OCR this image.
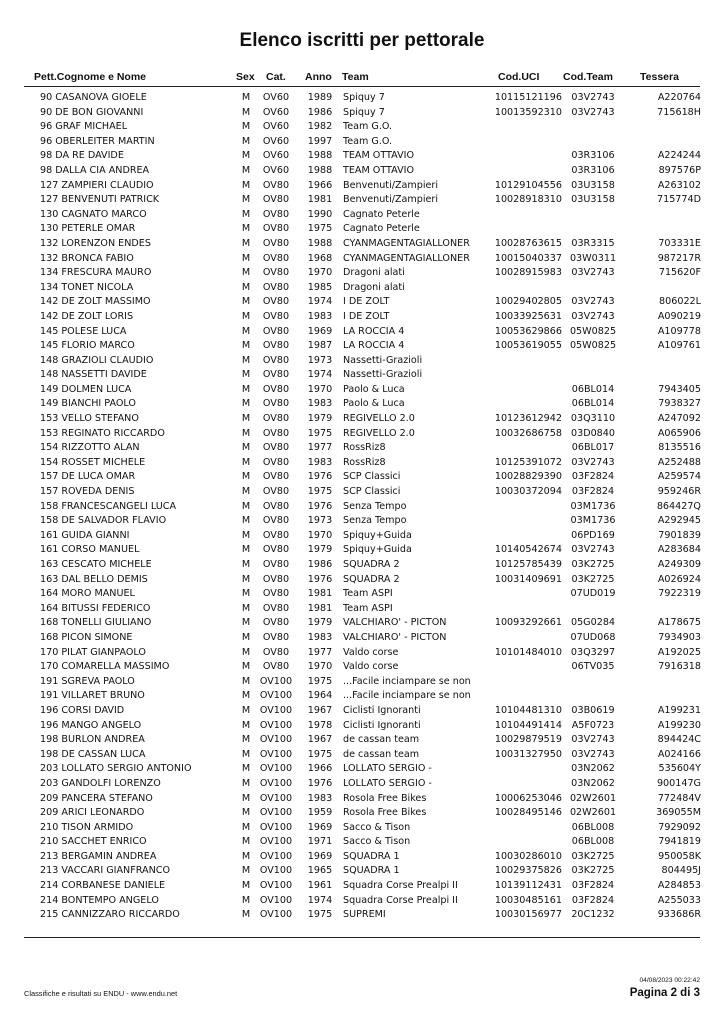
Elenco iscritti per pettorale
Pett.Cognome e Nome	Sex Cat. Anno Team	Cod.UCI Cod.Team	Tessera
90 CASANOVA GIOELE	M	OV60	1989	Spiquy 7	10115121196 03V2743	A220764
90 DE BON GIOVANNI	M	OV60	1986	Spiquy 7	10013592310 03V2743	715618H
96 GRAF MICHAEL	M	OV60	1982	Team G.O.
96 OBERLEITER MARTIN	M	OV60	1997	Team G.O.
98 DA RE DAVIDE	M	OV60	1988	TEAM OTTAVIO	03R3106	A224244
98 DALLA CIA ANDREA	M	OV60	1988	TEAM OTTAVIO	03R3106	897576P
127 ZAMPIERI CLAUDIO	M	OV80	1966	Benvenuti/Zampieri	10129104556 03U3158	A263102
127 BENVENUTI PATRICK	M	OV80	1981	Benvenuti/Zampieri	10028918310 03U3158	715774D
130 CAGNATO MARCO	M	OV80	1990	Cagnato Peterle
130 PETERLE OMAR	M	OV80	1975	Cagnato Peterle
132 LORENZON ENDES	M	OV80	1988	CYANMAGENTAGIALLONER	10028763615 03R3315	703331E
132 BRONCA FABIO	M	OV80	1968	CYANMAGENTAGIALLONER	10015040337 03W0311	987217R
134 FRESCURA MAURO	M	OV80	1970	Dragoni alati	10028915983 03V2743	715620F
134 TONET NICOLA	M	OV80	1985	Dragoni alati
142 DE ZOLT MASSIMO	M	OV80	1974	I DE ZOLT	10029402805 03V2743	806022L
142 DE ZOLT LORIS	M	OV80	1983	I DE ZOLT	10033925631 03V2743	A090219
145 POLESE LUCA	M	OV80	1969	LA ROCCIA 4	10053629866 05W0825	A109778
145 FLORIO MARCO	M	OV80	1987	LA ROCCIA 4	10053619055 05W0825	A109761
148 GRAZIOLI CLAUDIO	M	OV80	1973	Nassetti-Grazioli
148 NASSETTI DAVIDE	M	OV80	1974	Nassetti-Grazioli
149 DOLMEN LUCA	M	OV80	1970	Paolo & Luca	06BL014	7943405
149 BIANCHI PAOLO	M	OV80	1983	Paolo & Luca	06BL014	7938327
153 VELLO STEFANO	M	OV80	1979	REGIVELLO 2.0	10123612942 03Q3110	A247092
153 REGINATO RICCARDO	M	OV80	1975	REGIVELLO 2.0	10032686758 03D0840	A065906
154 RIZZOTTO ALAN	M	OV80	1977	RossRiz8	06BL017	8135516
154 ROSSET MICHELE	M	OV80	1983	RossRiz8	10125391072 03V2743	A252488
157 DE LUCA OMAR	M	OV80	1976	SCP Classici	10028829390	03F2824	A259574
157 ROVEDA DENIS	M	OV80	1975	SCP Classici	10030372094	03F2824	959246R
158 FRANCESCANGELI LUCA	M	OV80	1976	Senza Tempo	03M1736	864427Q
158 DE SALVADOR FLAVIO	M	OV80	1973	Senza Tempo	03M1736	A292945
161 GUIDA GIANNI	M	OV80	1970	Spiquy+Guida	06PD169	7901839
161 CORSO MANUEL	M	OV80	1979	Spiquy+Guida	10140542674 03V2743	A283684
163 CESCATO MICHELE	M	OV80	1986	SQUADRA 2	10125785439 03K2725	A249309
163 DAL BELLO DEMIS	M	OV80	1976	SQUADRA 2	10031409691 03K2725	A026924
164 MORO MANUEL	M	OV80	1981	Team ASPI	07UD019	7922319
164 BITUSSI FEDERICO	M	OV80	1981	Team ASPI
168 TONELLI GIULIANO	M	OV80	1979	VALCHIARO' - PICTON	10093292661 05G0284	A178675
168 PICON SIMONE	M	OV80	1983	VALCHIARO' - PICTON	07UD068	7934903
170 PILAT GIANPAOLO	M	OV80	1977	Valdo corse	10101484010 03Q3297	A192025
170 COMARELLA MASSIMO	M	OV80	1970	Valdo corse	06TV035	7916318
191 SGREVA PAOLO	M	OV100	1975	...Facile inciampare se non
191 VILLARET BRUNO	M	OV100	1964	...Facile inciampare se non
196 CORSI DAVID	M	OV100	1967	Ciclisti Ignoranti	10104481310 03B0619	A199231
196 MANGO ANGELO	M	OV100	1978	Ciclisti Ignoranti	10104491414	A5F0723	A199230
198 BURLON ANDREA	M	OV100	1967	de cassan team	10029879519 03V2743	894424C
198 DE CASSAN LUCA	M	OV100	1975	de cassan team	10031327950 03V2743	A024166
203 LOLLATO SERGIO ANTONIO	M	OV100	1966	LOLLATO SERGIO -	03N2062	535604Y
203 GANDOLFI LORENZO	M	OV100	1976	LOLLATO SERGIO -	03N2062	900147G
209 PANCERA STEFANO	M	OV100	1983	Rosola Free Bikes	10006253046 02W2601	772484V
209 ARICI LEONARDO	M	OV100	1959	Rosola Free Bikes	10028495146 02W2601	369055M
210 TISON ARMIDO	M	OV100	1969	Sacco & Tison	06BL008	7929092
210 SACCHET ENRICO	M	OV100	1971	Sacco & Tison	06BL008	7941819
213 BERGAMIN ANDREA	M	OV100	1969	SQUADRA 1	10030286010 03K2725	950058K
213 VACCARI GIANFRANCO	M	OV100	1965	SQUADRA 1	10029375826 03K2725	804495J
214 CORBANESE DANIELE	M	OV100	1961	Squadra Corse Prealpi II	10139112431	03F2824	A284853
214 BONTEMPO ANGELO	M	OV100	1974	Squadra Corse Prealpi II	10030485161	03F2824	A255033
215 CANNIZZARO RICCARDO	M	OV100	1975	SUPREMI	10030156977 20C1232	933686R
Classifiche e risultati su ENDU - www.endu.net
04/08/2023 00:22:42
Pagina 2 di 3
